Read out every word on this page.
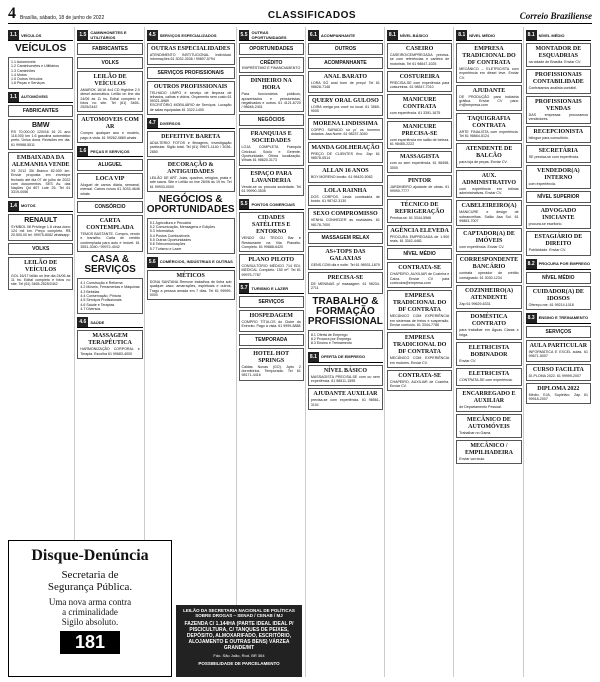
4 Brasília, sábado, 18 de junho de 2022	CLASSIFICADOS	Correio Braziliense
1.1	VEÍCULOS
VEÍCULOS

1.1 Automóveis
1.2 Caminhonetes e Utilitários
1.3 Caminhões
1.4 Motos
1.5 Outros Veículos
1.6 Peças e Serviços

1.1	AUTOMÓVEIS
FABRICANTES
BMW

RS 70.000,00 120i/16 16 21 ano 116.000 km 1.6 gasolina automático preto. Única dona. Revisões em dia. 61 99988-5511

EMBAIXADA DA ALEMANHA VENDE

X5 2012 35i Branco 82.000 km. Enviar proposta em envelope fechado até dia 07 de julho de 2022 com documentos. SES Av. das Nações Qd 807 Lote 25. Tel 61 3319-0056

1.4	MOTOS
RENAULT

SYMBOL 08 Privilege 1.6 cinza dono 124 mil km. Preço completo. R$ 20.500,00 tel. 99975-8082 whatsapp

VOLKS
LEILÃO DE VEÍCULOS

GOL 16/17 leilão on line dia 24/06 às 11 hs. Edital completo e fotos no site. Tel (61) 3465-2525/2442

1.5	CAMINHONETES E UTILITÁRIOS
FABRICANTES
VOLKS
LEILÃO DE VEÍCULOS

AMAROK 16/16 4x4 CD Highline 2.0 diesel automática. Leilão on line dia 24/06 às 11 hs. Edital completo e fotos no site. Tel (61) 3465-2525/2442

AUTOMOVEIS COM AR

Compro qualquer ano e modelo, pago à vista. 61 99262-0860 whats

1.6	PEÇAS E SERVIÇOS
ALUGUEL
LOCA VIP

Aluguel de carros diária, semanal, mensal. Carros novos 61 3033-4646 whats

CONSÓRCIO
CARTA CONTEMPLADA

TEMOS BASTANTE. Compro, vendo e transfiro. Carta de crédito contemplada para auto e imóvel. 61 3551-3040 / 99972-4042

CASA & SERVIÇOS

4.1 Construção e Reforma
4.2 Móveis, Ferramentas e Máquinas
4.3 Bebidas
4.4 Conservação, Pintura
4.5 Serviços Profissionais
4.6 Saúde e Terapias
4.7 Diversos

4.6	SAÚDE
MASSAGEM TERAPÊUTICA

HARMONIZAÇÃO CORPORAL e Terapia. Escolha 61 99683-4000

4.5	SERVIÇOS ESPECIALIZADOS
OUTRAS ESPECIALIDADES

ATENDIMENTO INSTITUCIONAL individual. Informações 61 3032-3036 / 99807-5794

SERVIÇOS PROFISSIONAIS
OUTROS PROFISSIONAIS

TELHADO LIMPO é serviço de limpeza de telhados, calhas e vidros. Orçamento sem custo 61 99321-8989

ESCRITÓRIO MOBILIÁRIO de Serviços. Locação de salas equipadas 61 3322-1400

4.7	DIVERSOS
DEFEITIVE BARETA

ADULTERIO FOTOS e filmagens, investigação particular. Sigilo total. Tel (61) 99671-1140 / 3036-2850

DECORAÇÃO & ANTIGUIDADES

LEILÃO DE ART. Joias, quadros, relógios, prata e arte sacra. Site e Leilão on line 28/06 às 19 hs. Tel 61 99933-0000

NEGÓCIOS & OPORTUNIDADES

5.1 Agricultura e Pecuária
5.2 Comunicação, Mensagens e Edições
5.3 Informática
5.4 Postos Combustíveis
5.5 Outras Oportunidades
5.6 Telecomunicações
5.7 Turismo e Lazer

5.6	COMÉRCIOS, INDÚSTRIAS E OUTRAS
MÉTICOS

DONA SANTANA Remove trabalhos de linha sob qualquer caso: amarrações, espirituais e outros. Trago a pessoa amada em 7 dias. Tel 61 99999-0000

5.5	OUTRAS OPORTUNIDADES
OPORTUNIDADES
CRÉDITO

EMPRÉSTIMO E FINANCIAMENTO

DINHEIRO NA HORA

Para funcionários públicos, aposentados e pensionistas, negativados e outros. 61 4121-6720 / 98648-2401

NEGÓCIOS
FRANQUIAS E SOCIEDADES

LOJA COMPLETA Franquia Celcloud. Sócio e Gerente. Oportunidade. Ótima localização. Whats 61 98620-3173

ESPAÇO PARA LAVANDERIA

Vende-se ou procura sociedade. Tel 61 99990-3535

5.5	PONTOS COMERCIAIS
CIDADES SATÉLITES E ENTORNO

VENDO OU TROCO Bar e Restaurante na Vila Planalto. Completo. 61 99888-6420

PLANO PILOTO

CONSULTÓRIO MÉDICO 714 EDI. MEDICAL Completo. 150 m². Tel 61 99975-7787

5.7	TURISMO E LAZER
SERVIÇOS
HOSPEDAGEM

COMPRO TÍTULOS do Clube do Exército. Pago à vista. 61 9999-8888

TEMPORADA
HOTEL HOT SPRINGS

Caldas Novas (GO). Apto 2 dormitórios. Temporada. Tel 61 98171-4416

6.1	ACOMPANHANTE
OUTROS
ACOMPANHANTE
ANAL BARATO

LORA SÓ anal bom de preço! Tel 61 98628-7148

QUERY ORAL GULOSO

LOIRA meiga pra você no local. 61 3569-9005

MORENA LINDISSIMA

CORPO SARADO só p/ os homens dotados. Asa Norte. 61 98237-3040

MANDA GOLHERAÇÃO

PREÇO DE CLIENTES fixo. Zap 61 98578-0514

ALLAN 16 ANOS

BOY MORENO bonito. 61 98420-5082

LOLA RAINHA

DOS CORPOS. Linda comissária de bordo. 61 98742-3130

SEXO COMPROMISSO

VENHA CONHECER as novidades. 61 98178-7000

MASSAGEM RELAX
AS+TOPS DAS GALAXIAS

GENS.COM dia e noite. Tel 61 98931-1879

PRECISA-SE

DE MENINAS p/ massagem. 61 98234-2711

TRABALHO & FORMAÇÃO PROFISSIONAL

8.1 Oferta de Emprego
8.2 Procura por Emprego
8.3 Ensino e Treinamento

8.1	OFERTA DE EMPREGO
NÍVEL BÁSICO

MASSAGISTA PRECISA-SE com ou sem experiência. 61 98511-1595

AJUDANTE AUXILIAR

precisa-se com experiência. 61 98561-3101

8.1	NÍVEL BÁSICO
CASEIRO

CASEIRO/CEMPREGADA precisa-se com referências e carteira de motorista. Tel 61 98647-1025

COSTUREIRA

PRECISA-SE com experiência para costureiras. 61 98547-7010

MANICURE CONTRATA

com experiência. 61 3391-1675

MANICURE PRECISA-SE

com experiência em salão de beleza. 61 98465-2222

MASSAGISTA

com ou sem experiência. 61 98498-3000

PINTOR

JARDINEIRO ajudante de obras. 61 99990-7777

TÉCNICO DE REFRIGERAÇÃO

Precisa-se. 61 3344-5566

AGÊNCIA ELEVEDA

PROCURA EMPREGADA de 1.900 reais. 61 3342-4481

NÍVEL MÉDIO
CONTRATA-SE

CHAPEIRO, AUXILIAR de Cozinha e Caixa. Enviar CV para curriculos@empresa.com

EMPRESA TRADICIONAL DO DF CONTRATA

MECÂNICO COM EXPERIÊNCIA em sistemas de freios e suspensão. Enviar currículo. 61 3344-7788

EMPRESA TRADICIONAL DO DF CONTRATA

MECÂNICO COM EXPERIÊNCIA em motores. Enviar CV.

CONTRATA-SE

CHAPEIRO, AUXILIAR de Cozinha. Enviar CV.

8.1	NÍVEL MÉDIO
EMPRESA TRADICIONAL DO DF CONTRATA

MECÂNICO – ELETRICISTA com experiência em diesel leve. Enviar CV.

AJUDANTE

DE PRODUÇÃO para indústria gráfica. Enviar CV para: rh@empresa.com

TAQUIGRAFIA CONTRATA

ARTE FINALISTA com experiência. Tel 61 98664-5124

ATENDENTE DE BALCÃO

para loja de peças. Enviar CV.

AUX. ADMINISTRATIVO

com experiência em rotinas administrativas. Enviar CV.

CABELEIREIRO(A)

MANICURE e design de sobrancelhas. Salão Asa Sul. 61 99863-7007

CAPTADOR(A) DE IMÓVEIS

com experiência. Enviar CV.

CORRESPONDENTE BANCÁRIO

contrata operador de crédito consignado. 61 3030-1234

COZINHEIRO(A) ATENDENTE

Zap 61 99629-6331

DOMÉSTICA CONTRATO

para trabalhar em Águas Claras e folga.

ELETRICISTA BOBINADOR

Enviar CV.

ELETRICISTA

CONTRATA-SE com experiência.

ENCARREGADO E AUXILIAR

de Departamento Pessoal.

MECÂNICO DE AUTOMÓVEIS

Trabalhar no Gama.

MECÂNICO / EMPILHADEIRA

Enviar currículo.

8.1	NÍVEL MÉDIO
MONTADOR DE ESQUADRIAS

na cidade de Brasília. Enviar CV.

PROFISSIONAIS CONTABILIDADE

Contratamos analista contábil.

PROFISSIONAIS VENDAS

DAS empresas procuramos vendedores.

RECEPCIONISTA

bilíngue para consultório.

SECRETÁRIA

SE precisa-se com experiência.

VENDEDOR(A) INTERNO

com experiência.

NÍVEL SUPERIOR
ADVOGADO INICIANTE

procura-se escritório.

ESTAGIÁRIO DE DIREITO

Publicidade. Enviar CV.

8.2	PROCURA POR EMPREGO
NÍVEL MÉDIO
CUIDADOR(A) DE IDOSOS

Ofereço-me. 61 99214-1018

8.3	ENSINO E TREINAMENTO
SERVIÇOS
AULA PARTICULAR

INFORMÁTICA E EXCEL aulas. 61 99671-5007

CURSO FACILITA

DI-PLOMA 2022. 61 99999-2007

DIPLOMA 2022

Médio, EJA, Supletivo. Zap 61 99918-2007

Disque-Denúncia
Secretaria de
Segurança Pública.
Uma nova arma contra
a criminalidade
Sigilo absoluto.
181
LEILÃO DA SECRETARIA NACIONAL DE POLÍTICAS SOBRE DROGAS – SENAD / CENAB / MJ
FAZENDA C/ 1.144HA (PARTE IDEAL IDEAL P/ PISCICULTURA, C/ TANQUES DE PEIXES, DEPÓSITO, ALMOXARIFADO, ESCRITÓRIO, ALOJAMENTO E OUTRAS BENS) VÁRZEA GRANDE/MT
Fdo. São João, Rod. BR 364
POSSIBILIDADE DE PARCELAMENTO
